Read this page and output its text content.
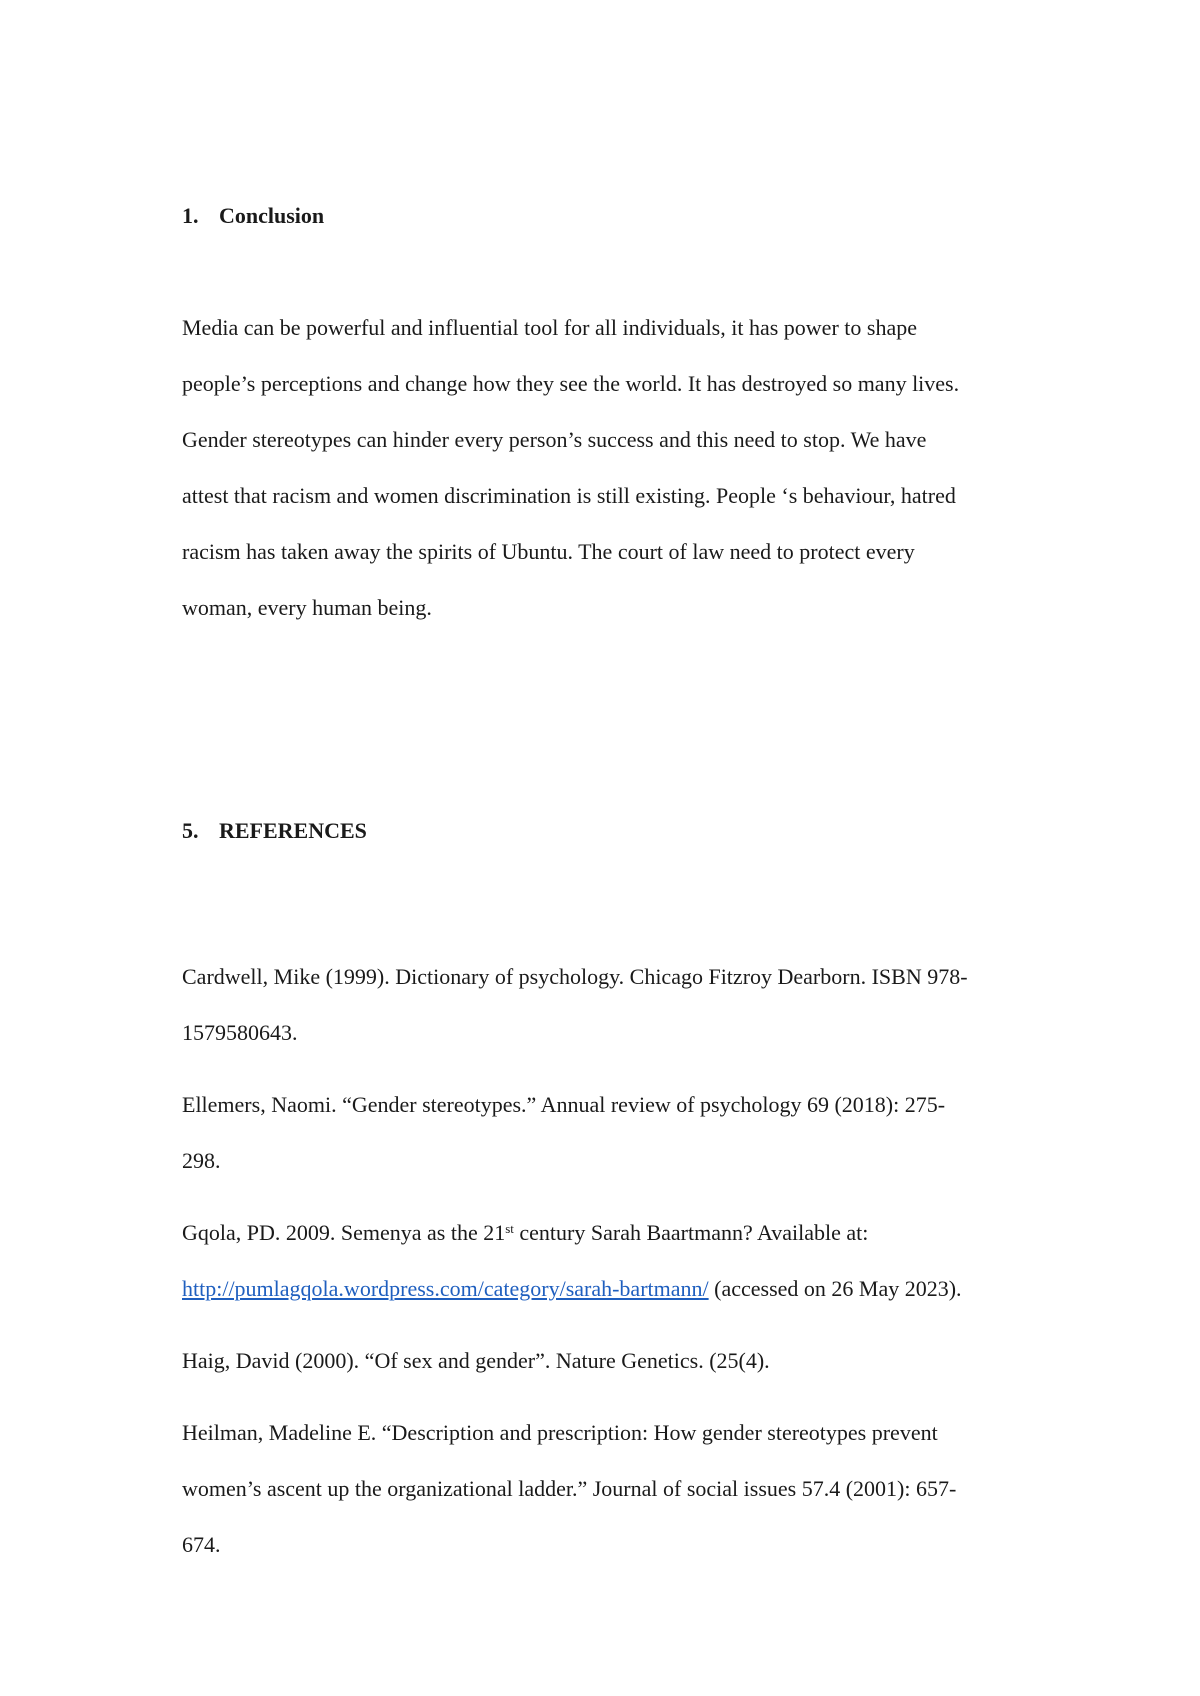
1. Conclusion
Media can be powerful and influential tool for all individuals, it has power to shape
people’s perceptions and change how they see the world. It has destroyed so many lives.
Gender stereotypes can hinder every person’s success and this need to stop. We have
attest that racism and women discrimination is still existing. People ‘s behaviour, hatred
racism has taken away the spirits of Ubuntu. The court of law need to protect every
woman, every human being.
5. REFERENCES
Cardwell, Mike (1999). Dictionary of psychology. Chicago Fitzroy Dearborn. ISBN 978-
1579580643.
Ellemers, Naomi. “Gender stereotypes.” Annual review of psychology 69 (2018): 275-
298.
Gqola, PD. 2009. Semenya as the 21st century Sarah Baartmann? Available at:
http://pumlagqola.wordpress.com/category/sarah-bartmann/ (accessed on 26 May 2023).
Haig, David (2000). “Of sex and gender”. Nature Genetics. (25(4).
Heilman, Madeline E. “Description and prescription: How gender stereotypes prevent
women’s ascent up the organizational ladder.” Journal of social issues 57.4 (2001): 657-
674.
